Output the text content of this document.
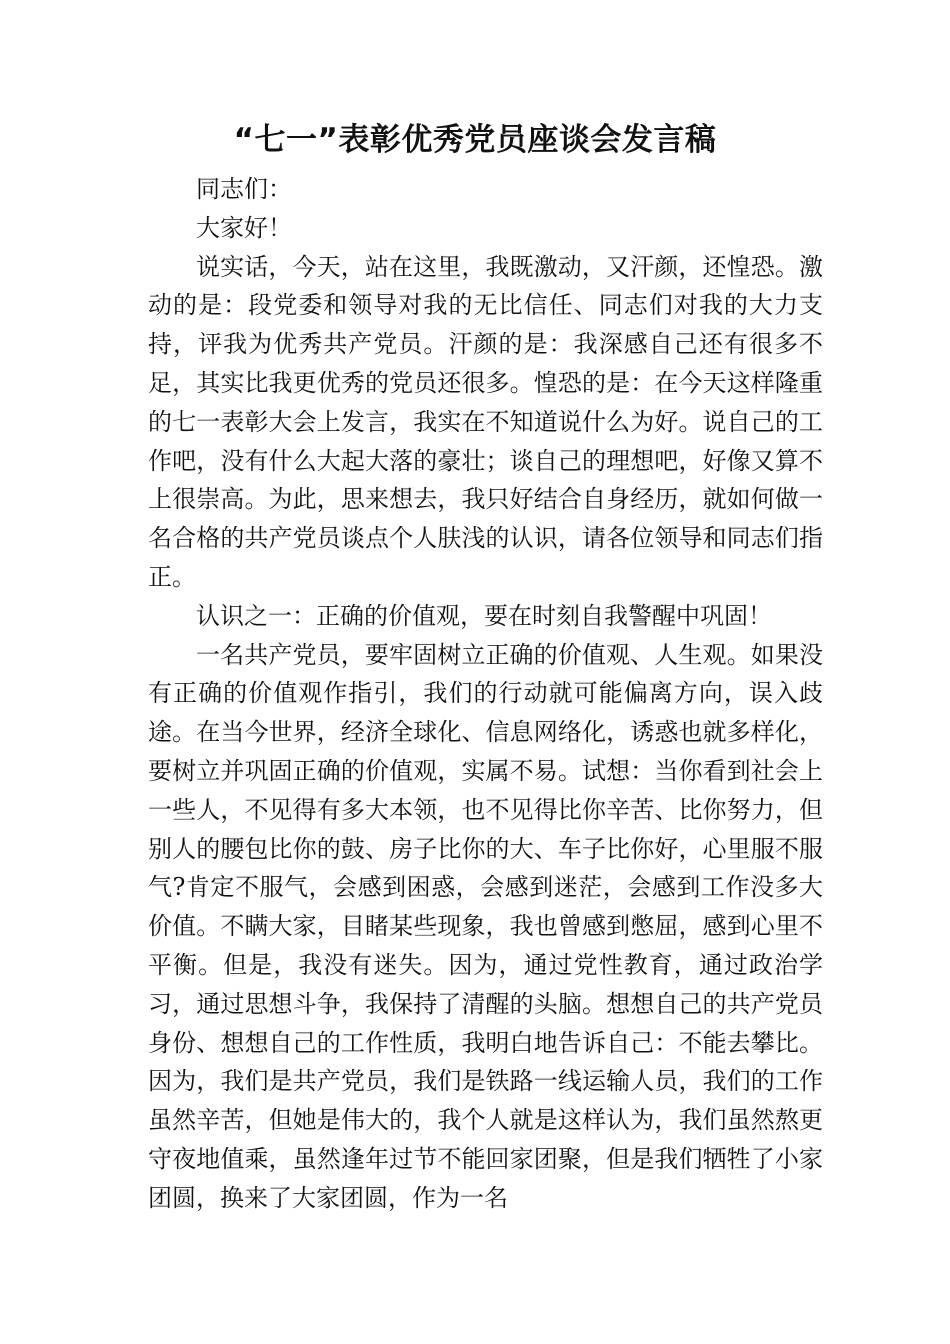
“七一”表彰优秀党员座谈会发言稿

同志们：

大家好！

说实话，今天，站在这里，我既激动，又汗颜，还惶恐。激动的是：段党委和领导对我的无比信任、同志们对我的大力支持，评我为优秀共产党员。汗颜的是：我深感自己还有很多不足，其实比我更优秀的党员还很多。惶恐的是：在今天这样隆重的七一表彰大会上发言，我实在不知道说什么为好。说自己的工作吧，没有什么大起大落的豪壮；谈自己的理想吧，好像又算不上很崇高。为此，思来想去，我只好结合自身经历，就如何做一名合格的共产党员谈点个人肤浅的认识，请各位领导和同志们指正。

认识之一：正确的价值观，要在时刻自我警醒中巩固！

一名共产党员，要牢固树立正确的价值观、人生观。如果没有正确的价值观作指引，我们的行动就可能偏离方向，误入歧途。在当今世界，经济全球化、信息网络化，诱惑也就多样化，要树立并巩固正确的价值观，实属不易。试想：当你看到社会上一些人，不见得有多大本领，也不见得比你辛苦、比你努力，但别人的腰包比你的鼓、房子比你的大、车子比你好，心里服不服气?肯定不服气，会感到困惑，会感到迷茫，会感到工作没多大价值。不瞒大家，目睹某些现象，我也曾感到憋屈，感到心里不平衡。但是，我没有迷失。因为，通过党性教育，通过政治学习，通过思想斗争，我保持了清醒的头脑。想想自己的共产党员身份、想想自己的工作性质，我明白地告诉自己：不能去攀比。因为，我们是共产党员，我们是铁路一线运输人员，我们的工作虽然辛苦，但她是伟大的，我个人就是这样认为，我们虽然熬更守夜地值乘，虽然逢年过节不能回家团聚，但是我们牺牲了小家团圆，换来了大家团圆，作为一名
